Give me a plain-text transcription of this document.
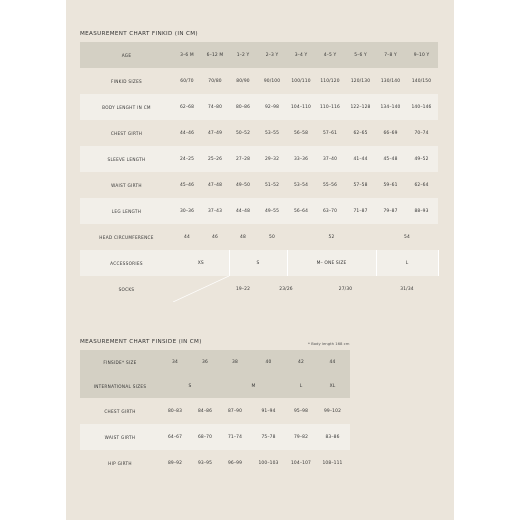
MEASUREMENT CHART FINKID (IN CM)
AGE	3–6 M	6–12 M	1–2 Y	2–3 Y	3–4 Y	4–5 Y	5–6 Y	7–8 Y	9–10 Y	
FINKID SIZES	60/70	70/80	80/90	90/100	100/110	110/120	120/130	130/140	140/150	
BODY LENGHT IN CM	62–68	74–80	80–86	92–98	104–110	110–116	122–128	134–140	140–146	
CHEST GIRTH	44–46	47–49	50–52	53–55	56–58	57–61	62–65	66–69	70–74	
SLEEVE LENGTH	24–25	25–26	27–28	29–32	33–36	37–40	41–44	45–48	49–52	
WAIST GIRTH	45–46	47–48	49–50	51–52	53–54	55–56	57–58	59–61	62–64	
LEG LENGTH	30–36	37–43	44–48	49–55	56–64	63–70	71–87	79–87	88–93	
HEAD CIRCUMFERENCE	44	46	48	50	52			54		
ACCESSORIES	XS		S		M– ONE SIZE			L	
SOCKS			19–22	23/26		27/30		31/34	
MEASUREMENT CHART FINSIDE (IN CM)	* Body length 168 cm
FINSIDE* SIZE	34	36	38	40	42	44
INTERNATIONAL SIZES	S		M		L	XL
CHEST GIRTH	80–83	84–86	87–90	91–94	95–98	99–102
WAIST GIRTH	64–67	68–70	71–74	75–78	79–82	83–86
HIP GIRTH	89–92	93–95	96–99	100–103	104–107	108–111
